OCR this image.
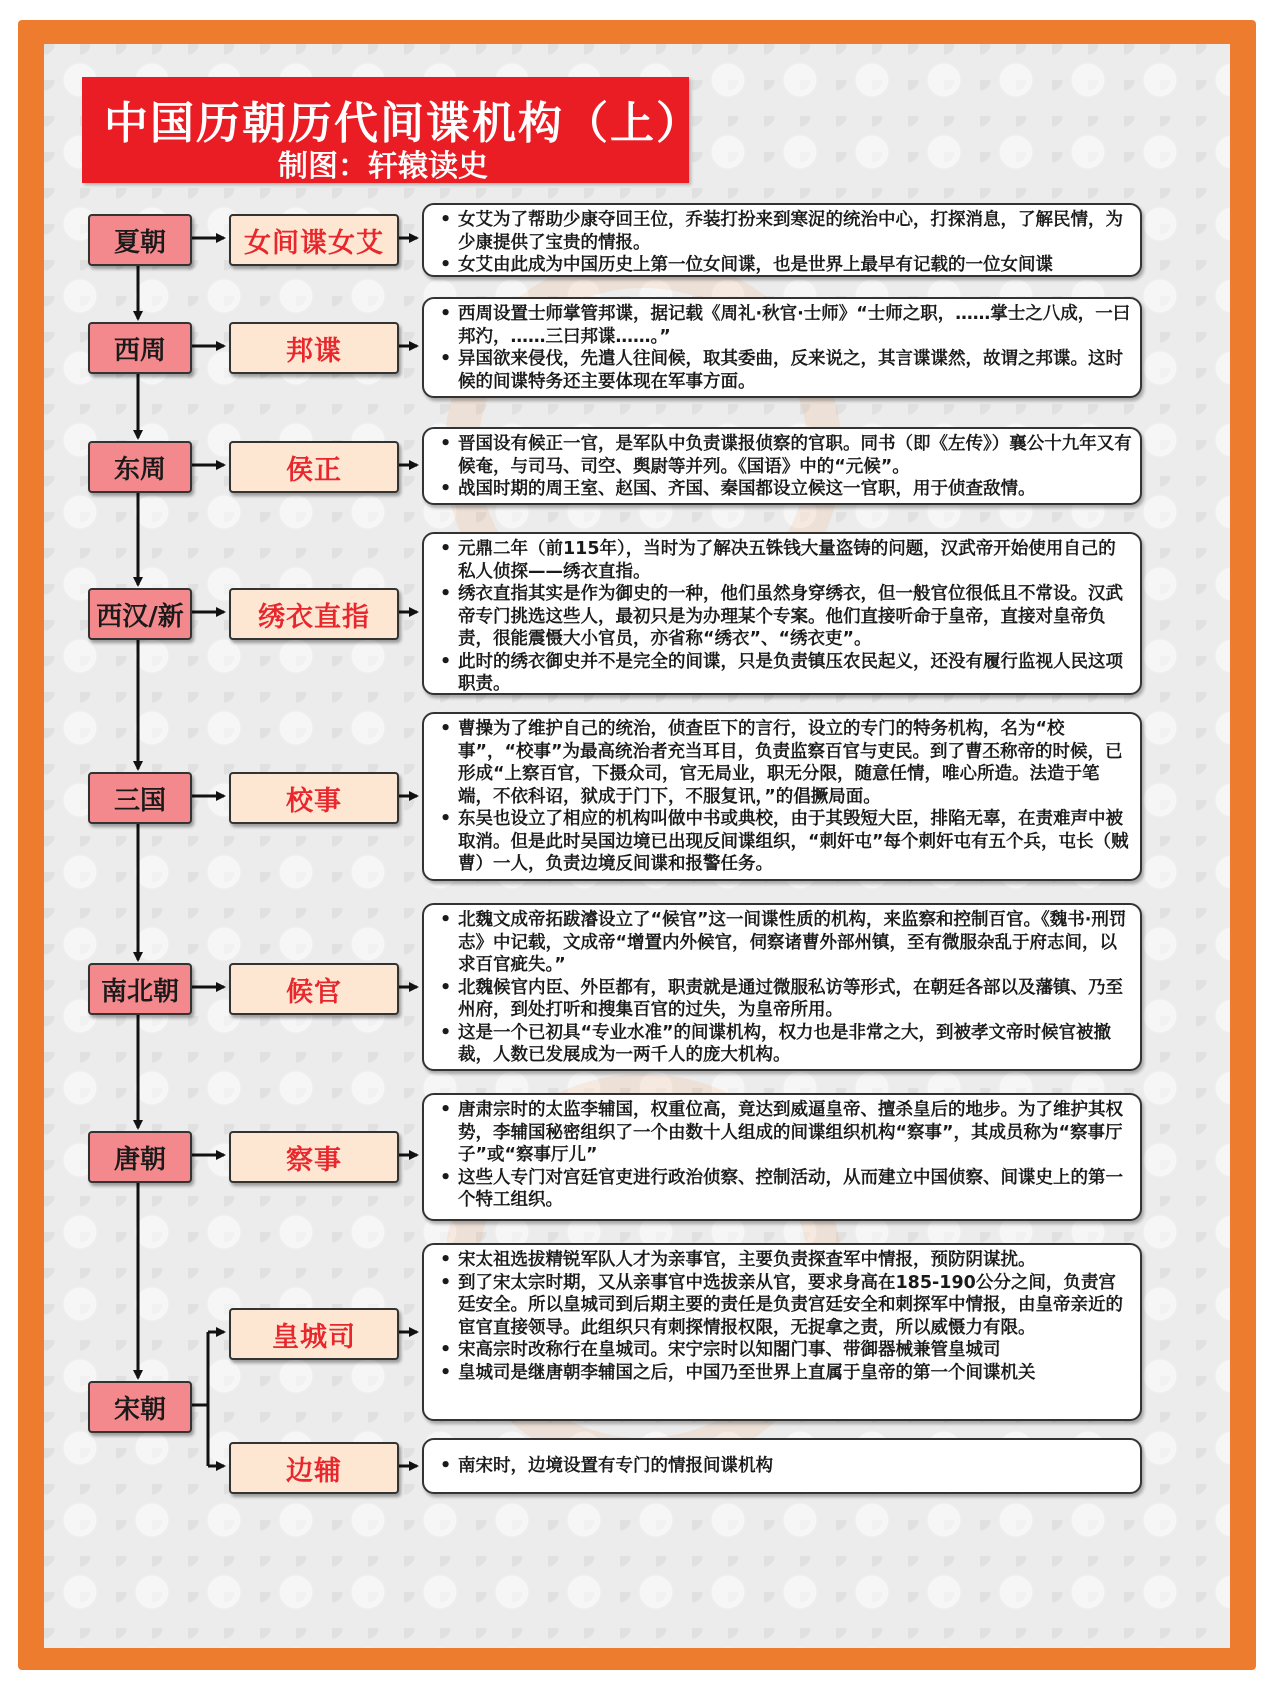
中国历朝历代间谍机构（上）
制图：轩辕读史
夏朝	女间谍女艾
• 女艾为了帮助少康夺回王位，乔装打扮来到寒浞的统治中心，打探消息，了解民情，为少康提供了宝贵的情报。
• 女艾由此成为中国历史上第一位女间谍，也是世界上最早有记载的一位女间谍
西周	邦谍
• 西周设置士师掌管邦谍，据记载《周礼·秋官·士师》“士师之职，……掌士之八成，一曰邦汋，……三曰邦谍……。”
• 异国欲来侵伐，先遣人往间候，取其委曲，反来说之，其言谍谍然，故谓之邦谍。这时候的间谍特务还主要体现在军事方面。
东周	侯正
• 晋国设有候正一官，是军队中负责谍报侦察的官职。同书（即《左传》）襄公十九年又有候奄，与司马、司空、舆尉等并列。《国语》中的“元候”。
• 战国时期的周王室、赵国、齐国、秦国都设立候这一官职，用于侦查敌情。
西汉/新	绣衣直指
• 元鼎二年（前115年），当时为了解决五铢钱大量盗铸的问题，汉武帝开始使用自己的私人侦探——绣衣直指。
• 绣衣直指其实是作为御史的一种，他们虽然身穿绣衣，但一般官位很低且不常设。汉武帝专门挑选这些人，最初只是为办理某个专案。他们直接听命于皇帝，直接对皇帝负责，很能震慑大小官员，亦省称“绣衣”、“绣衣吏”。
• 此时的绣衣御史并不是完全的间谍，只是负责镇压农民起义，还没有履行监视人民这项职责。
三国	校事
• 曹操为了维护自己的统治，侦查臣下的言行，设立的专门的特务机构，名为“校事”，“校事”为最高统治者充当耳目，负责监察百官与吏民。到了曹丕称帝的时候，已形成“上察百官，下摄众司，官无局业，职无分限，随意任情，唯心所造。法造于笔端，不依科诏，狱成于门下，不服复讯，”的倡撅局面。
• 东吴也设立了相应的机构叫做中书或典校，由于其毁短大臣，排陷无辜，在责难声中被取消。但是此时吴国边境已出现反间谍组织，“刺奸屯”每个刺奸屯有五个兵，屯长（贼曹）一人，负责边境反间谍和报警任务。
南北朝	候官
• 北魏文成帝拓跋濬设立了“候官”这一间谍性质的机构，来监察和控制百官。《魏书·刑罚志》中记载，文成帝“增置内外候官，伺察诸曹外部州镇，至有微服杂乱于府志间，以求百官疵失。”
• 北魏候官内臣、外臣都有，职责就是通过微服私访等形式，在朝廷各部以及藩镇、乃至州府，到处打听和搜集百官的过失，为皇帝所用。
• 这是一个已初具“专业水准”的间谍机构，权力也是非常之大，到被孝文帝时候官被撤裁，人数已发展成为一两千人的庞大机构。
唐朝	察事
• 唐肃宗时的太监李辅国，权重位高，竟达到威逼皇帝、擅杀皇后的地步。为了维护其权势，李辅国秘密组织了一个由数十人组成的间谍组织机构“察事”，其成员称为“察事厅子”或“察事厅儿”
• 这些人专门对宫廷官吏进行政治侦察、控制活动，从而建立中国侦察、间谍史上的第一个特工组织。
宋朝
皇城司
• 宋太祖选拔精锐军队人才为亲事官，主要负责探查军中情报，预防阴谋扰。
• 到了宋太宗时期，又从亲事官中选拔亲从官，要求身高在185-190公分之间，负责宫廷安全。所以皇城司到后期主要的责任是负责宫廷安全和刺探军中情报，由皇帝亲近的宦官直接领导。此组织只有刺探情报权限，无捉拿之责，所以威慑力有限。
• 宋高宗时改称行在皇城司。宋宁宗时以知閤门事、带御器械兼管皇城司
• 皇城司是继唐朝李辅国之后，中国乃至世界上直属于皇帝的第一个间谍机关
边辅
•	南宋时，边境设置有专门的情报间谍机构
